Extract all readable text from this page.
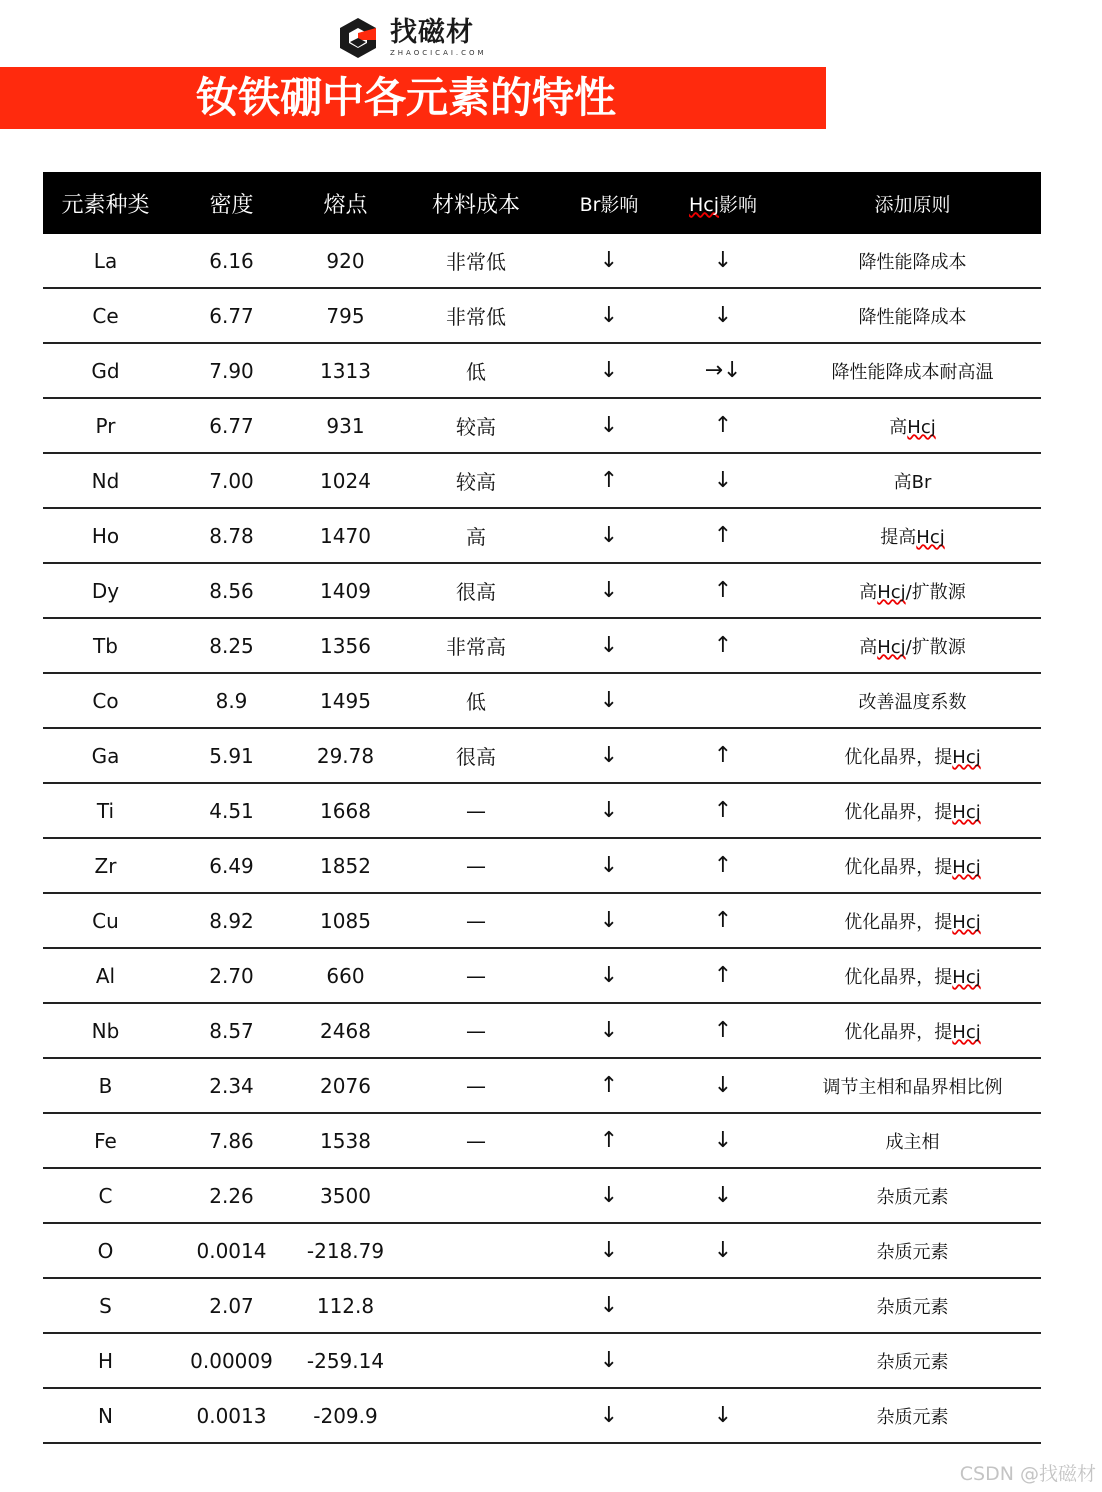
找磁材
ZHAOCICAI.COM
钕铁硼中各元素的特性
元素种类	密度	熔点	材料成本	Br影响	Hcj影响	添加原则
La	6.16	920	非常低	↓	↓	降性能降成本
Ce	6.77	795	非常低	↓	↓	降性能降成本
Gd	7.90	1313	低	↓	→↓	降性能降成本耐高温
Pr	6.77	931	较高	↓	↑	高Hcj
Nd	7.00	1024	较高	↑	↓	高Br
Ho	8.78	1470	高	↓	↑	提高Hcj
Dy	8.56	1409	很高	↓	↑	高Hcj/扩散源
Tb	8.25	1356	非常高	↓	↑	高Hcj/扩散源
Co	8.9	1495	低	↓		改善温度系数
Ga	5.91	29.78	很高	↓	↑	优化晶界，提Hcj
Ti	4.51	1668	—	↓	↑	优化晶界，提Hcj
Zr	6.49	1852	—	↓	↑	优化晶界，提Hcj
Cu	8.92	1085	—	↓	↑	优化晶界，提Hcj
Al	2.70	660	—	↓	↑	优化晶界，提Hcj
Nb	8.57	2468	—	↓	↑	优化晶界，提Hcj
B	2.34	2076	—	↑	↓	调节主相和晶界相比例
Fe	7.86	1538	—	↑	↓	成主相
C	2.26	3500		↓	↓	杂质元素
O	0.0014	-218.79		↓	↓	杂质元素
S	2.07	112.8		↓		杂质元素
H	0.00009	-259.14		↓		杂质元素
N	0.0013	-209.9		↓	↓	杂质元素
CSDN @找磁材
